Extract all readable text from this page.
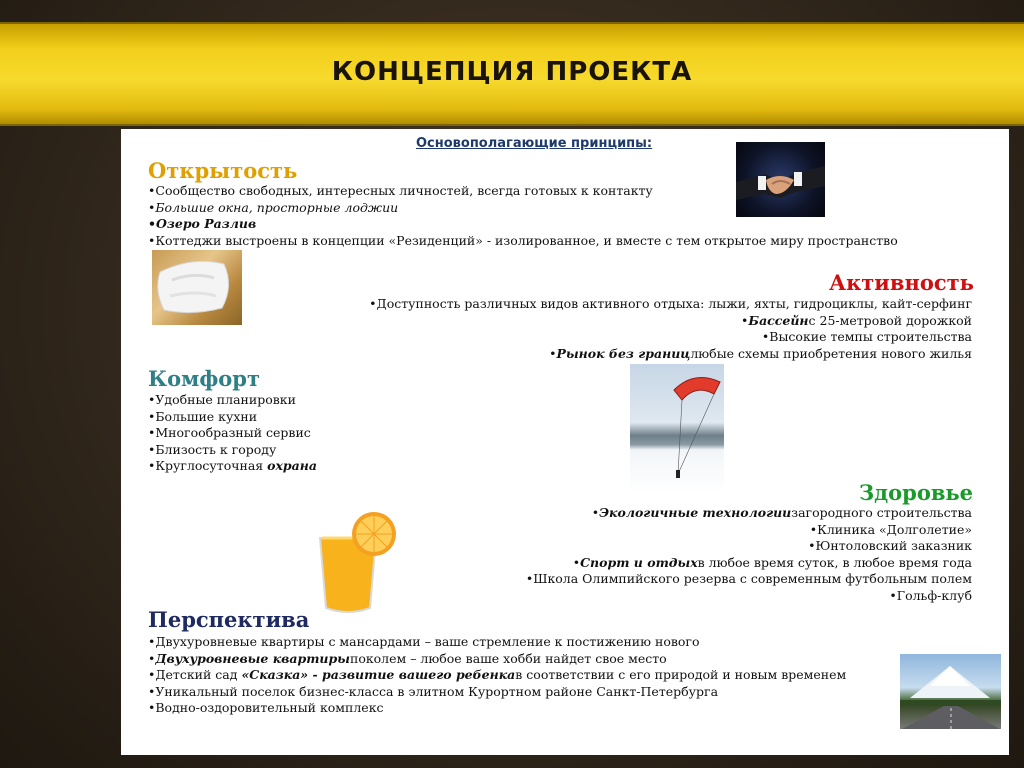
КОНЦЕПЦИЯ ПРОЕКТА
Основополагающие принципы:
Открытость
•Сообщество свободных, интересных личностей, всегда готовых к контакту
•Большие окна, просторные лоджии
•Озеро Разлив
•Коттеджи выстроены в концепции «Резиденций» - изолированное, и вместе с тем открытое миру пространство
Активность
•Доступность различных видов активного отдыха: лыжи, яхты, гидроциклы, кайт-серфинг
•Бассейнс 25-метровой дорожкой
•Высокие темпы строительства
•Рынок без границлюбые схемы приобретения нового жилья
Комфорт
•Удобные планировки
•Большие кухни
•Многообразный сервис
•Близость к городу
•Круглосуточная охрана
Здоровье
•Экологичные технологиизагородного строительства
•Клиника «Долголетие»
•Юнтоловский заказник
•Спорт и отдыхв любое время суток, в любое время года
•Школа Олимпийского резерва с современным футбольным полем
•Гольф-клуб
Перспектива
•Двухуровневые квартиры с мансардами – ваше стремление к постижению нового
•Двухуровневые квартирыпоколем – любое ваше хобби найдет свое место
•Детский сад «Сказка» - развитие вашего ребенкав соответствии с его природой и новым временем
•Уникальный поселок бизнес-класса в элитном Курортном районе Санкт-Петербурга
•Водно-оздоровительный комплекс
